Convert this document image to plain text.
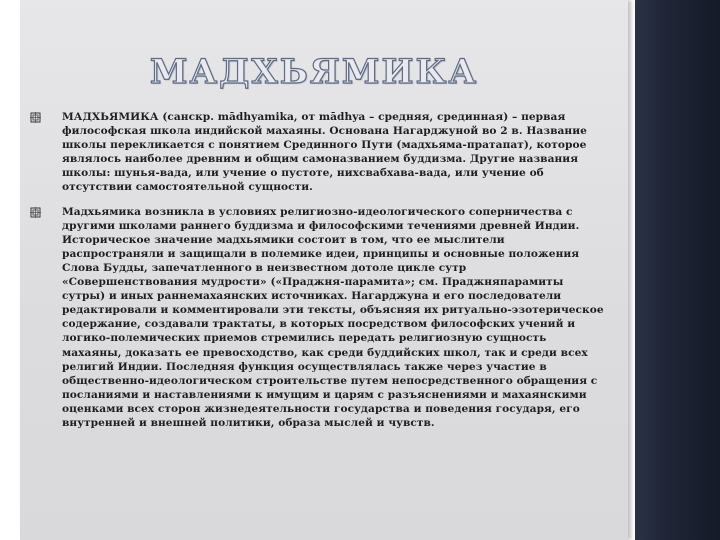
МАДХЬЯМИКА
МАДХЬЯМИКА (санскр. mādhyamika, от mādhya – средняя, срединная) – первая философская школа индийской махаяны. Основана Нагарджуной во 2 в. Название школы перекликается с понятием Срединного Пути (мадхьяма-пратапат), которое являлось наиболее древним и общим самоназванием буддизма. Другие названия школы: шунья-вада, или учение о пустоте, нихсвабхава-вада, или учение об отсутствии самостоятельной сущности.
Мадхьямика возникла в условиях религиозно-идеологического соперничества с другими школами раннего буддизма и философскими течениями древней Индии. Историческое значение мадхьямики состоит в том, что ее мыслители распространяли и защищали в полемике идеи, принципы и основные положения Слова Будды, запечатленного в неизвестном дотоле цикле сутр «Совершенствования мудрости» («Праджня-парамита»; см. Праджняпарамиты сутры) и иных раннемахаянских источниках. Нагарджуна и его последователи редактировали и комментировали эти тексты, объясняя их ритуально-эзотерическое содержание, создавали трактаты, в которых посредством философских учений и логико-полемических приемов стремились передать религиозную сущность махаяны, доказать ее превосходство, как среди буддийских школ, так и среди всех религий Индии. Последняя функция осуществлялась также через участие в общественно-идеологическом строительстве путем непосредственного обращения с посланиями и наставлениями к имущим и царям с разъяснениями и махаянскими оценками всех сторон жизнедеятельности государства и поведения государя, его внутренней и внешней политики, образа мыслей и чувств.
